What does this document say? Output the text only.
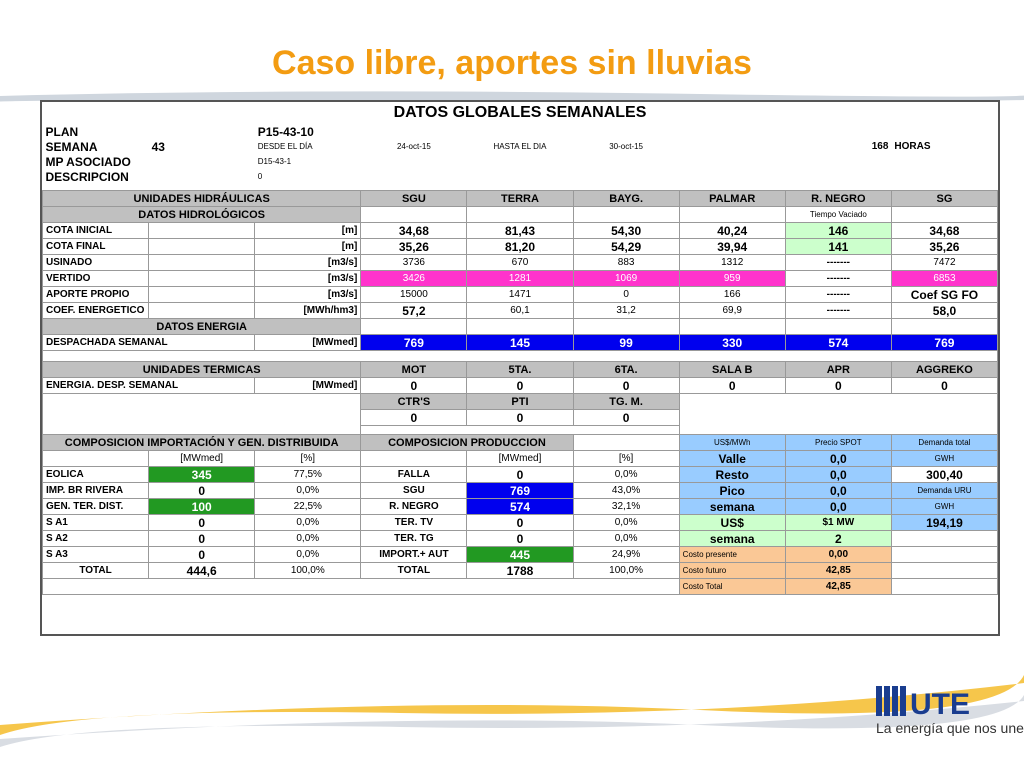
Caso libre, aportes sin lluvias
			DATOS GLOBALES SEMANALES					
PLAN		P15-43-10						
SEMANA	43	DESDE EL DÍA	24-oct-15	HASTA EL DIA	30-oct-15		168	HORAS
MP ASOCIADO		D15-43-1						
DESCRIPCION		0						

UNIDADES HIDRÁULICAS			SGU	TERRA	BAYG.	PALMAR	R. NEGRO	SG
DATOS HIDROLÓGICOS							Tiempo Vaciado	
COTA INICIAL		[m]	34,68	81,43	54,30	40,24	146	34,68
COTA FINAL		[m]	35,26	81,20	54,29	39,94	141	35,26
USINADO		[m3/s]	3736	670	883	1312	-------	7472
VERTIDO		[m3/s]	3426	1281	1069	959	-------	6853
APORTE PROPIO		[m3/s]	15000	1471	0	166	-------	Coef SG FO
COEF. ENERGETICO		[MWh/hm3]	57,2	60,1	31,2	69,9	-------	58,0
DATOS ENERGIA								
DESPACHADA SEMANAL		[MWmed]	769	145	99	330	574	769

UNIDADES TERMICAS			MOT	5TA.	6TA.	SALA B	APR	AGGREKO
ENERGIA. DESP. SEMANAL		[MWmed]	0	0	0	0	0	0
			CTR'S	PTI	TG. M.			
			0	0	0			

COMPOSICION IMPORTACIÓN Y GEN. DISTRIBUIDA			COMPOSICION PRODUCCION			US$/MWh	Precio SPOT	Demanda total
	[MWmed]	[%]		[MWmed]	[%]	Valle	0,0	GWH
EOLICA	345	77,5%	FALLA	0	0,0%	Resto	0,0	300,40
IMP. BR RIVERA	0	0,0%	SGU	769	43,0%	Pico	0,0	Demanda URU
GEN. TER. DIST.	100	22,5%	R. NEGRO	574	32,1%	semana	0,0	GWH
S A1	0	0,0%	TER. TV	0	0,0%	US$	$1 MW	194,19
S A2	0	0,0%	TER. TG	0	0,0%	semana	2	
S A3	0	0,0%	IMPORT.+ AUT	445	24,9%	Costo presente	0,00	
TOTAL	444,6	100,0%	TOTAL	1788	100,0%	Costo futuro	42,85	
						Costo Total	42,85	
UTE
La energía que nos une
